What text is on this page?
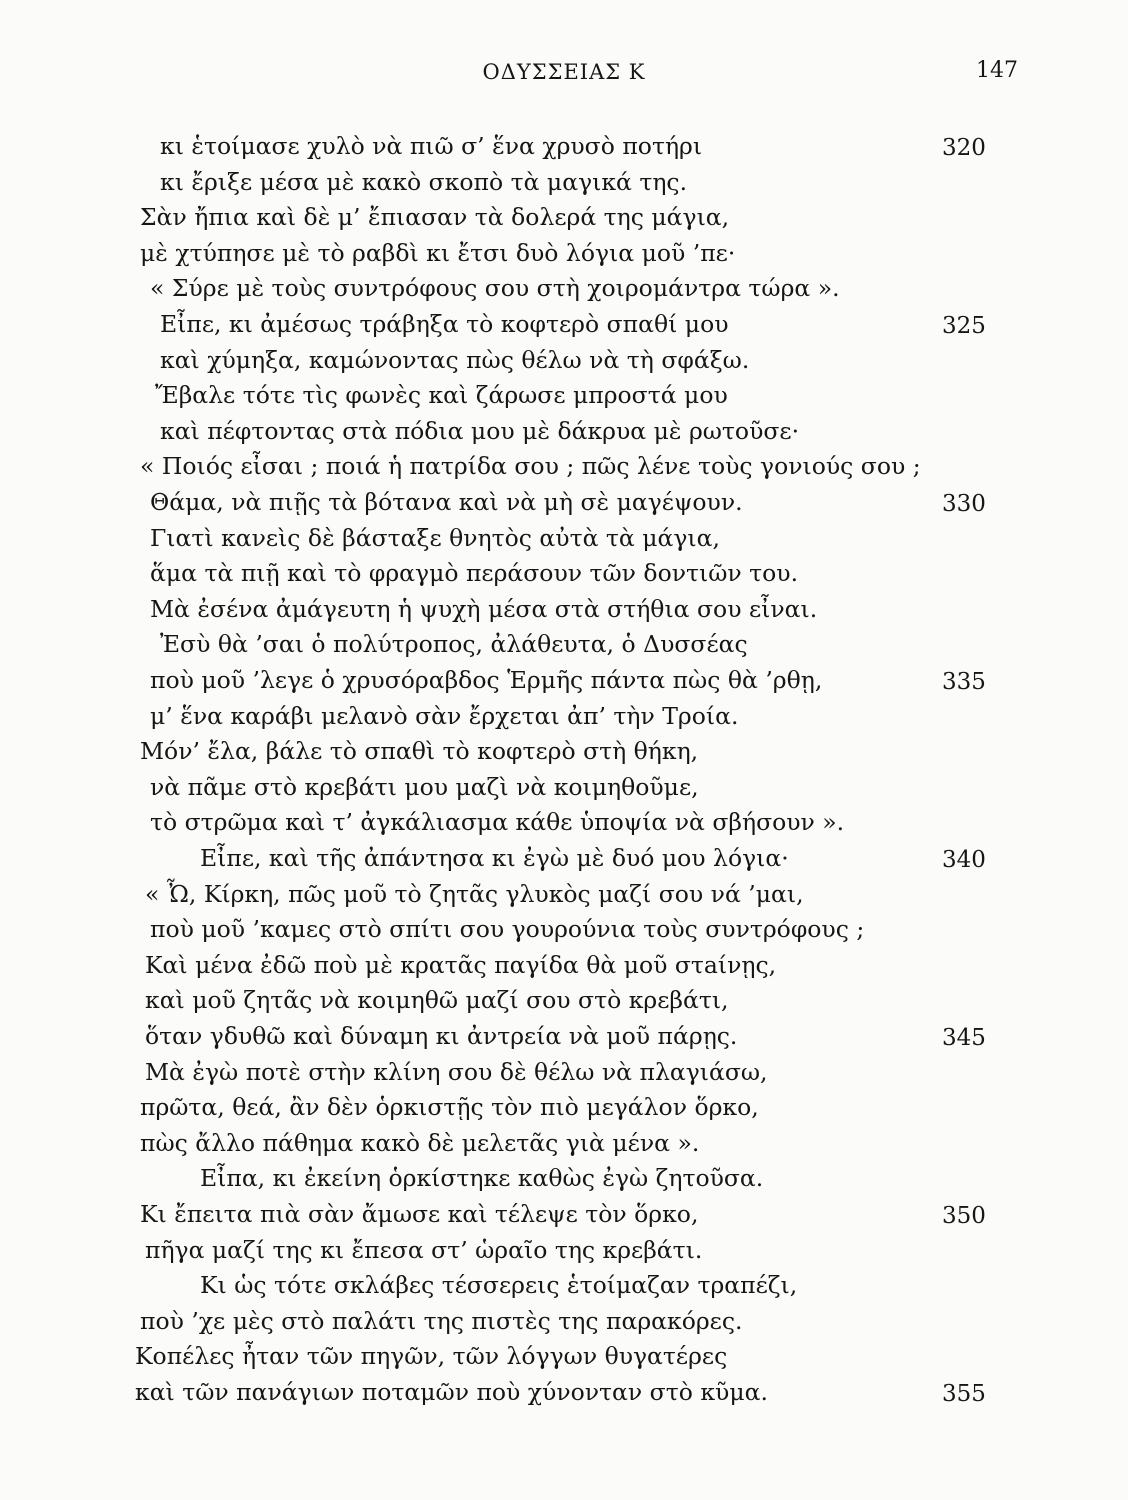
ΟΔΥΣΣΕΙΑΣ Κ	147
κι ἑτοίμασε χυλὸ νὰ πιῶ σ’ ἕνα χρυσὸ ποτήρι	320
κι ἔριξε μέσα μὲ κακὸ σκοπὸ τὰ μαγικά της.
Σὰν ἤπια καὶ δὲ μ’ ἔπιασαν τὰ δολερά της μάγια,
μὲ χτύπησε μὲ τὸ ραβδὶ κι ἔτσι δυὸ λόγια μοῦ ’πε·
« Σύρε μὲ τοὺς συντρόφους σου στὴ χοιρομάντρα τώρα ».
Εἶπε, κι ἀμέσως τράβηξα τὸ κοφτερὸ σπαθί μου	325
καὶ χύμηξα, καμώνοντας πὼς θέλω νὰ τὴ σφάξω.
Ἔβαλε τότε τὶς φωνὲς καὶ ζάρωσε μπροστά μου
καὶ πέφτοντας στὰ πόδια μου μὲ δάκρυα μὲ ρωτοῦσε·
« Ποιός εἶσαι ; ποιά ἡ πατρίδα σου ; πῶς λένε τοὺς γονιούς σου ;
Θάμα, νὰ πιῇς τὰ βότανα καὶ νὰ μὴ σὲ μαγέψουν.	330
Γιατὶ κανεὶς δὲ βάσταξε θνητὸς αὐτὰ τὰ μάγια,
ἅμα τὰ πιῇ καὶ τὸ φραγμὸ περάσουν τῶν δοντιῶν του.
Μὰ ἐσένα ἀμάγευτη ἡ ψυχὴ μέσα στὰ στήθια σου εἶναι.
Ἐσὺ θὰ ’σαι ὁ πολύτροπος, ἀλάθευτα, ὁ Δυσσέας
ποὺ μοῦ ’λεγε ὁ χρυσόραβδος Ἑρμῆς πάντα πὼς θὰ ’ρθῃ,	335
μ’ ἕνα καράβι μελανὸ σὰν ἔρχεται ἀπ’ τὴν Τροία.
Μόν’ ἔλα, βάλε τὸ σπαθὶ τὸ κοφτερὸ στὴ θήκη,
νὰ πᾶμε στὸ κρεβάτι μου μαζὶ νὰ κοιμηθοῦμε,
τὸ στρῶμα καὶ τ’ ἀγκάλιασμα κάθε ὑποψία νὰ σβήσουν ».
Εἶπε, καὶ τῆς ἀπάντησα κι ἐγὼ μὲ δυό μου λόγια·	340
« Ὦ, Κίρκη, πῶς μοῦ τὸ ζητᾶς γλυκὸς μαζί σου νά ’μαι,
ποὺ μοῦ ’καμες στὸ σπίτι σου γουρούνια τοὺς συντρόφους ;
Καὶ μένα ἐδῶ ποὺ μὲ κρατᾶς παγίδα θὰ μοῦ στaίνῃς,
καὶ μοῦ ζητᾶς νὰ κοιμηθῶ μαζί σου στὸ κρεβάτι,
ὅταν γδυθῶ καὶ δύναμη κι ἀντρεία νὰ μοῦ πάρῃς.	345
Μὰ ἐγὼ ποτὲ στὴν κλίνη σου δὲ θέλω νὰ πλαγιάσω,
πρῶτα, θεά, ἂν δὲν ὁρκιστῇς τὸν πιὸ μεγάλον ὅρκο,
πὼς ἄλλο πάθημα κακὸ δὲ μελετᾶς γιὰ μένα ».
Εἶπα, κι ἐκείνη ὁρκίστηκε καθὼς ἐγὼ ζητοῦσα.
Κι ἔπειτα πιὰ σὰν ἄμωσε καὶ τέλεψε τὸν ὅρκο,	350
πῆγα μαζί της κι ἔπεσα στ’ ὡραῖο της κρεβάτι.
Κι ὡς τότε σκλάβες τέσσερεις ἑτοίμαζαν τραπέζι,
ποὺ ’χε μὲς στὸ παλάτι της πιστὲς της παρακόρες.
Κοπέλες ἦταν τῶν πηγῶν, τῶν λόγγων θυγατέρες
καὶ τῶν πανάγιων ποταμῶν ποὺ χύνονταν στὸ κῦμα.	355
